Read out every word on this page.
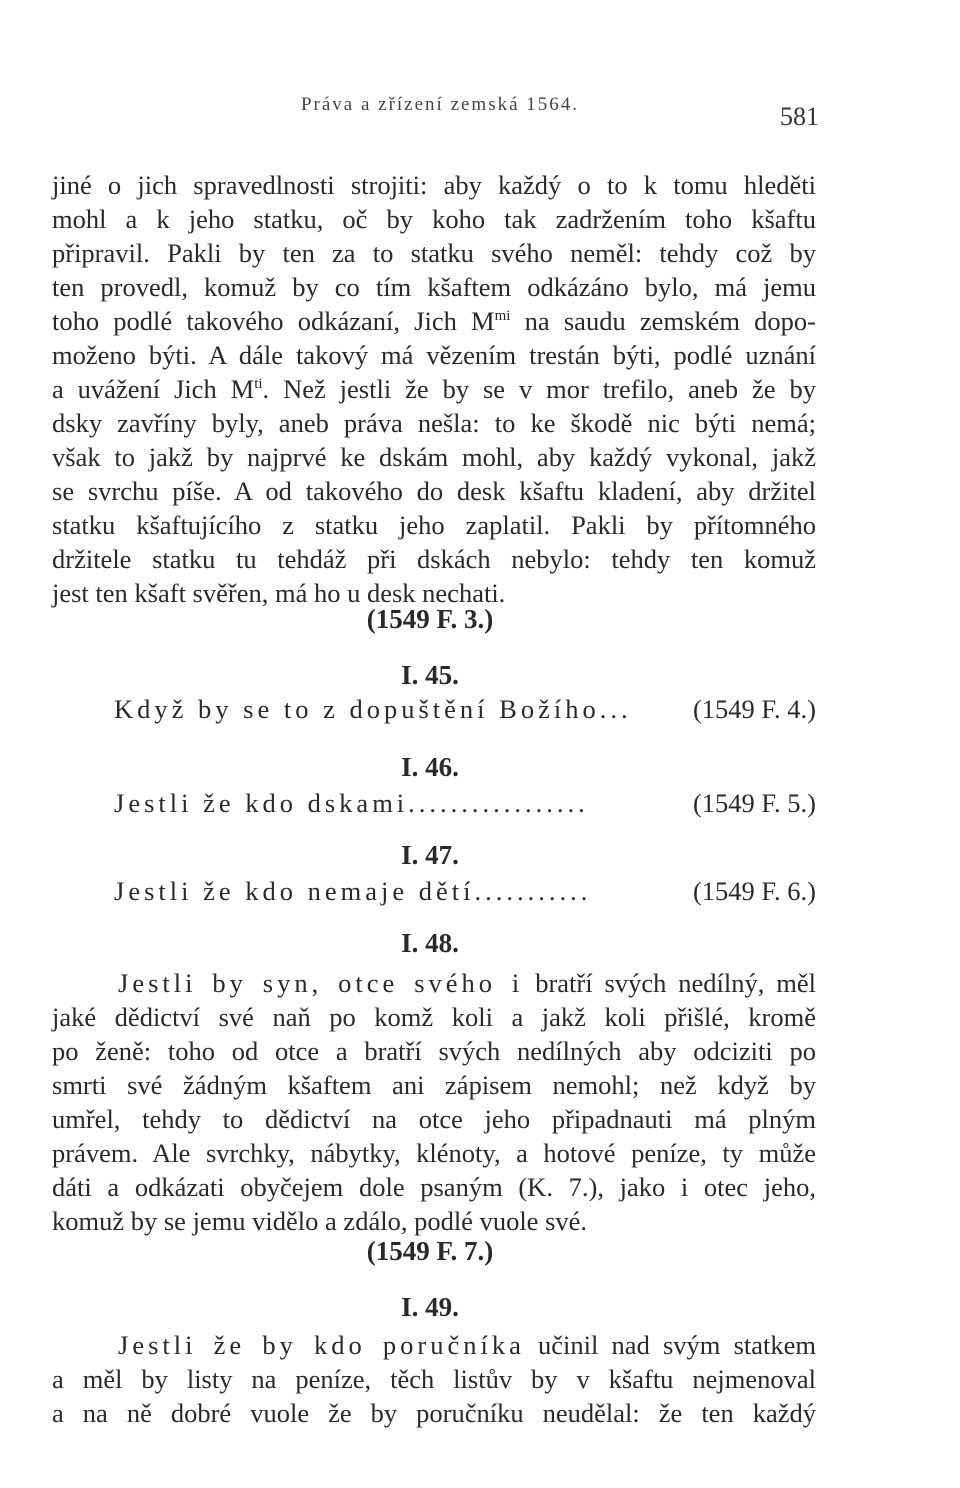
Práva a zřízení zemská 1564.	581
jiné o jich spravedlnosti strojiti: aby každý o to k tomu hleděti
mohl a k jeho statku, oč by koho tak zadržením toho kšaftu
připravil. Pakli by ten za to statku svého neměl: tehdy což by
ten provedl, komuž by co tím kšaftem odkázáno bylo, má jemu
toho podlé takového odkázaní, Jich $M^{mi}$ na saudu zemském dopo-
moženo býti. A dále takový má vězením trestán býti, podlé uznání
a uvážení Jich $M^{ti}$. Než jestli že by se v mor trefilo, aneb že by
dsky zavříny byly, aneb práva nešla: to ke škodě nic býti nemá;
však to jakž by najprvé ke dskám mohl, aby každý vykonal, jakž
se svrchu píše. A od takového do desk kšaftu kladení, aby držitel
statku kšaftujícího z statku jeho zaplatil. Pakli by přítomného
držitele statku tu tehdáž při dskách nebylo: tehdy ten komuž
jest ten kšaft svěřen, má ho u desk nechati.
(1549 F. 3.)
I. 45.
Když by se to z dopuštění Božího... (1549 F. 4.)
I. 46.
Jestli že kdo dskami.................	(1549 F. 5.)
I. 47.
Jestli že kdo nemaje dětí...........	(1549 F. 6.)
I. 48.
Jestli by syn, otce svého i bratří svých nedílný, měl
jaké dědictví své naň po komž koli a jakž koli přišlé, kromě
po ženě: toho od otce a bratří svých nedílných aby odciziti po
smrti své žádným kšaftem ani zápisem nemohl; než když by
umřel, tehdy to dědictví na otce jeho připadnauti má plným
právem. Ale svrchky, nábytky, klénoty, a hotové peníze, ty může
dáti a odkázati obyčejem dole psaným (K. 7.), jako i otec jeho,
komuž by se jemu vidělo a zdálo, podlé vuole své.
(1549 F. 7.)
I. 49.
Jestli že by kdo poručníka učinil nad svým statkem
a měl by listy na peníze, těch listův by v kšaftu nejmenoval
a na ně dobré vuole že by poručníku neudělal: že ten každý
